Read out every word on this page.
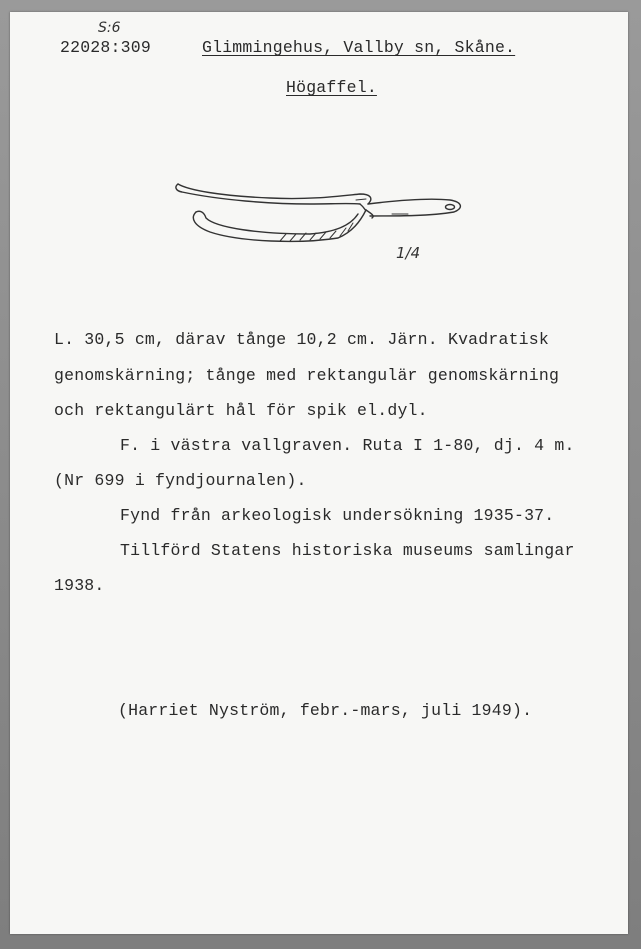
S:6
22028:309	Glimmingehus, Vallby sn, Skåne.
Högaffel.
1/4
L. 30,5 cm, därav tånge 10,2 cm. Järn. Kvadratisk
genomskärning; tånge med rektangulär genomskärning
och rektangulärt hål för spik el.dyl.
F. i västra vallgraven. Ruta I 1-80, dj. 4 m.
(Nr 699 i fyndjournalen).
Fynd från arkeologisk undersökning 1935-37.
Tillförd Statens historiska museums samlingar
1938.
(Harriet Nyström, febr.-mars, juli 1949).
